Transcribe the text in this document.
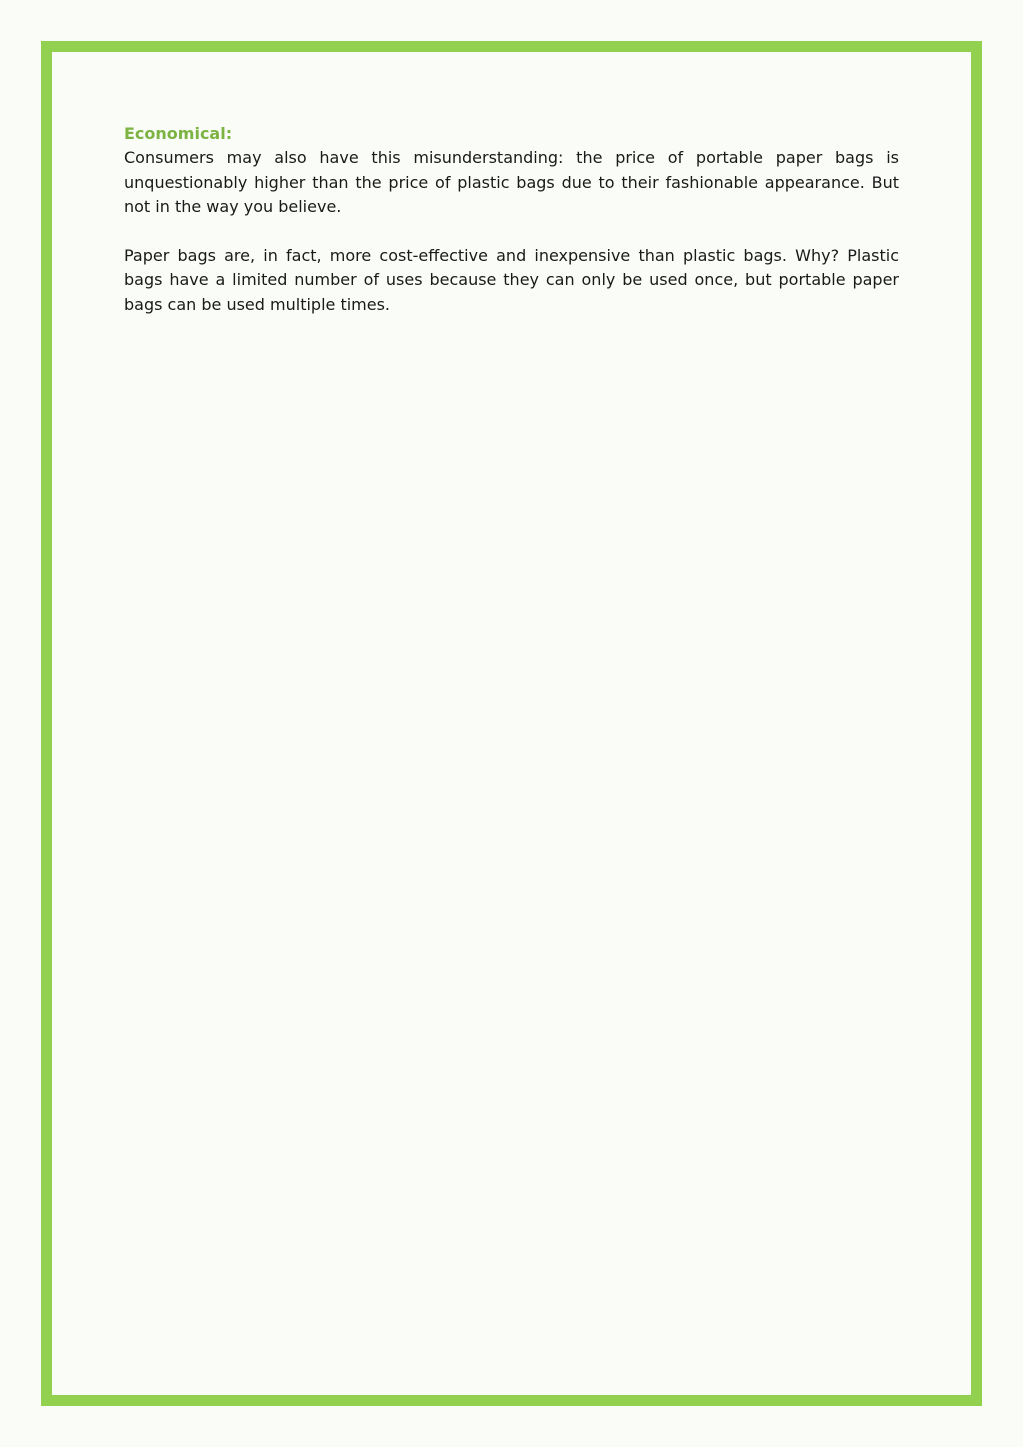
Economical:

Consumers may also have this misunderstanding: the price of portable paper bags is unquestionably higher than the price of plastic bags due to their fashionable appearance. But not in the way you believe.

Paper bags are, in fact, more cost-effective and inexpensive than plastic bags. Why? Plastic bags have a limited number of uses because they can only be used once, but portable paper bags can be used multiple times.
